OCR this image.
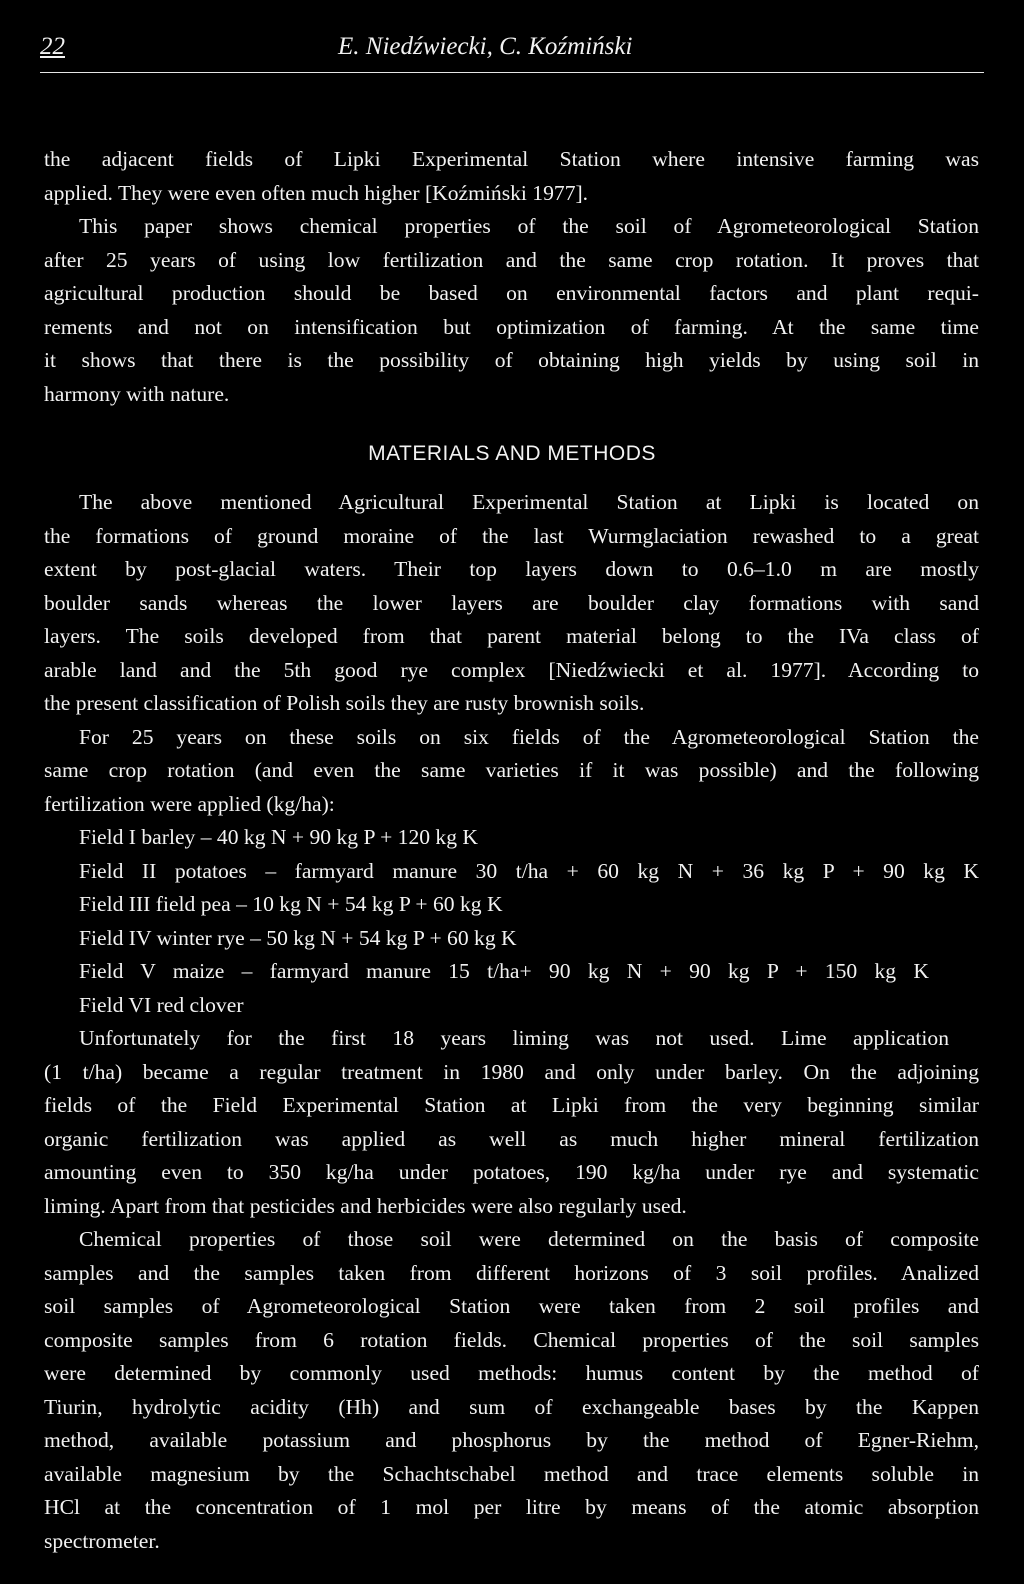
22	E. Niedźwiecki, C. Koźmiński
the adjacent fields of Lipki Experimental Station where intensive farming was
applied. They were even often much higher [Koźmiński 1977].
This paper shows chemical properties of the soil of Agrometeorological Station
after 25 years of using low fertilization and the same crop rotation. It proves that
agricultural production should be based on environmental factors and plant requi-
rements and not on intensification but optimization of farming. At the same time
it shows that there is the possibility of obtaining high yields by using soil in
harmony with nature.
MATERIALS AND METHODS
The above mentioned Agricultural Experimental Station at Lipki is located on
the formations of ground moraine of the last Wurmglaciation rewashed to a great
extent by post-glacial waters. Their top layers down to 0.6–1.0 m are mostly
boulder sands whereas the lower layers are boulder clay formations with sand
layers. The soils developed from that parent material belong to the IVa class of
arable land and the 5th good rye complex [Niedźwiecki et al. 1977]. According to
the present classification of Polish soils they are rusty brownish soils.
For 25 years on these soils on six fields of the Agrometeorological Station the
same crop rotation (and even the same varieties if it was possible) and the following
fertilization were applied (kg/ha):
Field I barley – 40 kg N + 90 kg P + 120 kg K
Field II potatoes – farmyard manure 30 t/ha + 60 kg N + 36 kg P + 90 kg K
Field III field pea – 10 kg N + 54 kg P + 60 kg K
Field IV winter rye – 50 kg N + 54 kg P + 60 kg K
Field V maize – farmyard manure 15 t/ha+ 90 kg N + 90 kg P + 150 kg K
Field VI red clover
Unfortunately for the first 18 years liming was not used. Lime application
(1 t/ha) became a regular treatment in 1980 and only under barley. On the adjoining
fields of the Field Experimental Station at Lipki from the very beginning similar
organic fertilization was applied as well as much higher mineral fertilization
amounting even to 350 kg/ha under potatoes, 190 kg/ha under rye and systematic
liming. Apart from that pesticides and herbicides were also regularly used.
Chemical properties of those soil were determined on the basis of composite
samples and the samples taken from different horizons of 3 soil profiles. Analized
soil samples of Agrometeorological Station were taken from 2 soil profiles and
composite samples from 6 rotation fields. Chemical properties of the soil samples
were determined by commonly used methods: humus content by the method of
Tiurin, hydrolytic acidity (Hh) and sum of exchangeable bases by the Kappen
method, available potassium and phosphorus by the method of Egner-Riehm,
available magnesium by the Schachtschabel method and trace elements soluble in
HCl at the concentration of 1 mol per litre by means of the atomic absorption
spectrometer.
